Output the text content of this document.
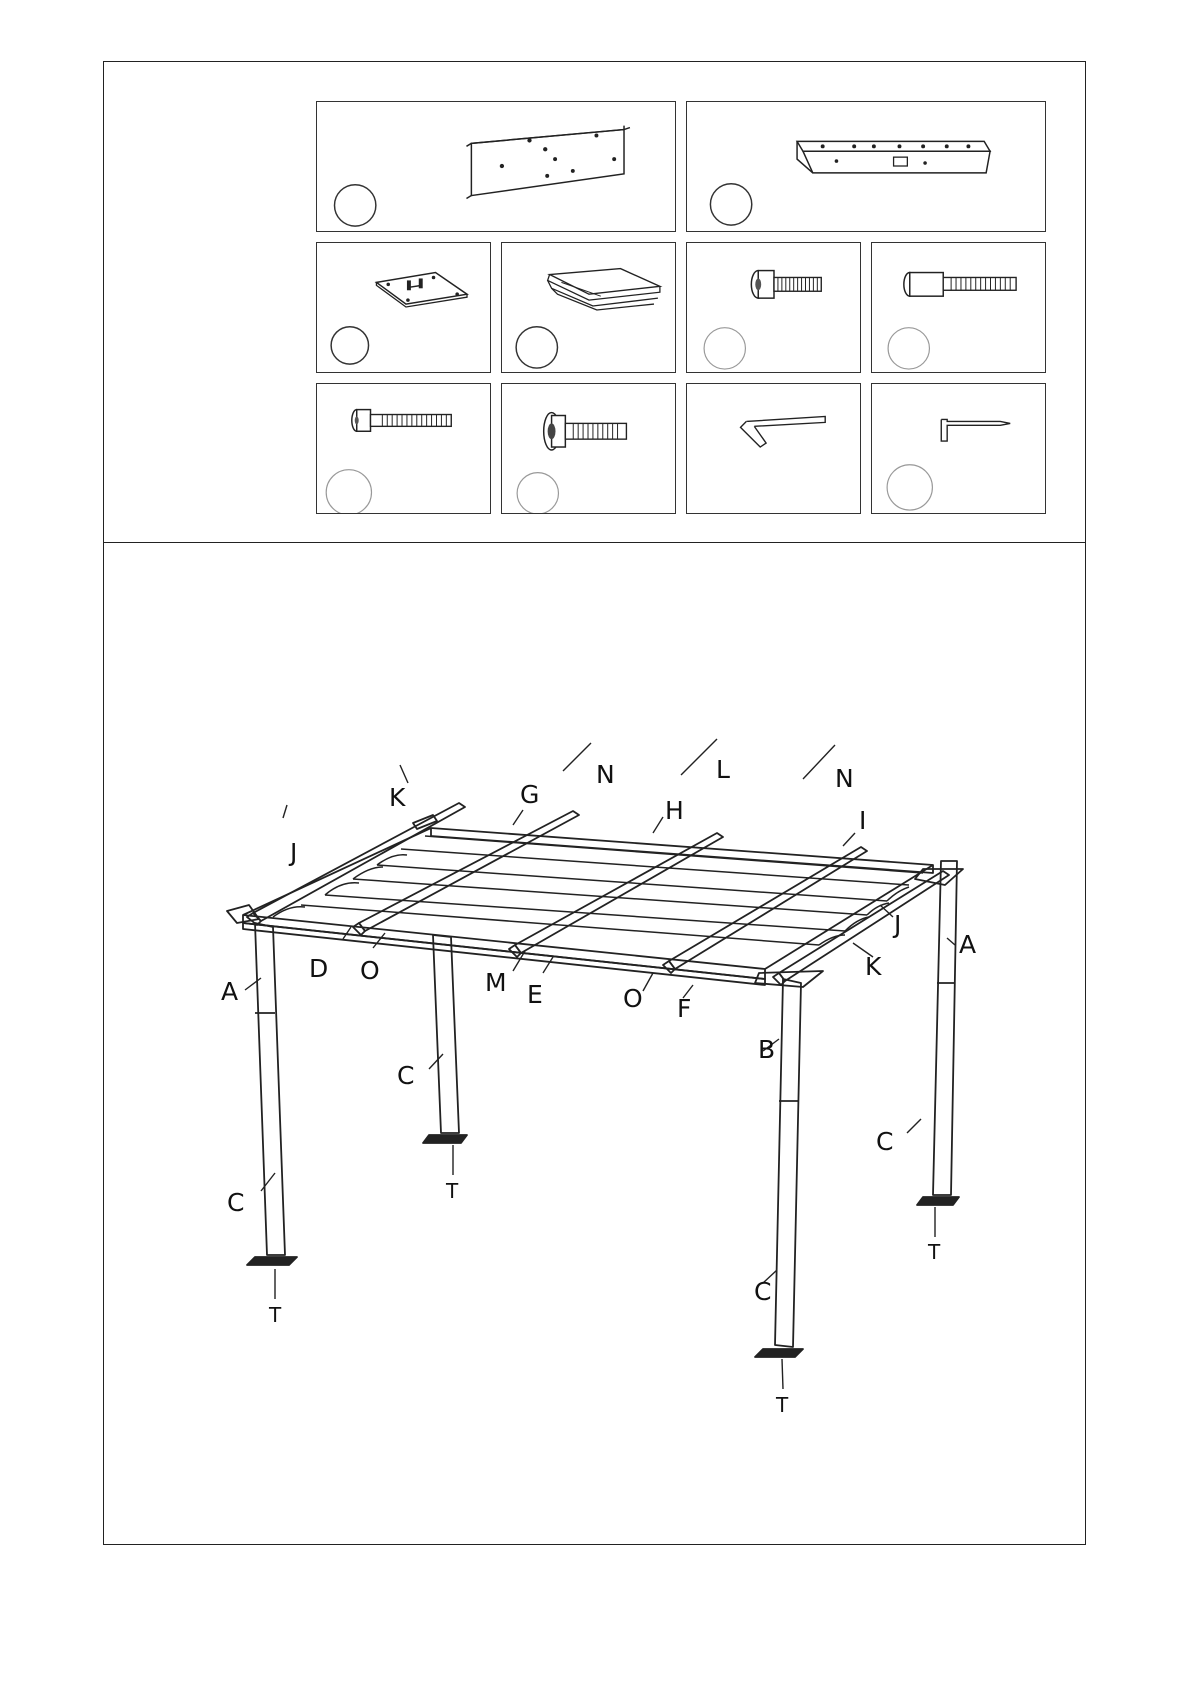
N	L	N
K	G
H	I
J
D O
A	M E	O F
K
J
A
B
C
C
C
C
T
T
T
T
